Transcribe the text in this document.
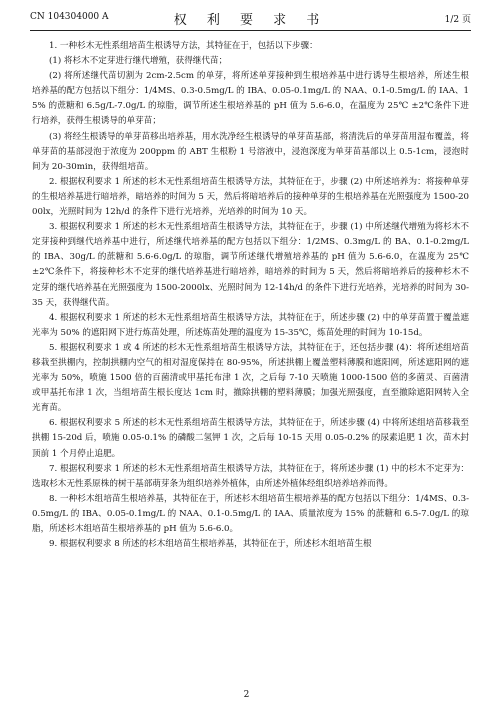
CN 104304000 A	权 利 要 求 书	1/2 页

1. 一种杉木无性系组培苗生根诱导方法，其特征在于，包括以下步骤：

(1) 将杉木不定芽进行继代增殖，获得继代苗；

(2) 将所述继代苗切割为 2cm-2.5cm 的单芽，将所述单芽接种到生根培养基中进行诱导生根培养，所述生根培养基的配方包括以下组分：1/4MS、0.3-0.5mg/L 的 IBA、0.05-0.1mg/L 的 NAA、0.1-0.5mg/L 的 IAA、15% 的蔗糖和 6.5g/L-7.0g/L 的琼脂，调节所述生根培养基的 pH 值为 5.6-6.0，在温度为 25℃ ±2℃条件下进行培养，获得生根诱导的单芽苗；

(3) 将经生根诱导的单芽苗移出培养基，用水洗净经生根诱导的单芽苗基部，将清洗后的单芽苗用湿布覆盖，将单芽苗的基部浸泡于浓度为 200ppm 的 ABT 生根粉 1 号溶液中，浸泡深度为单芽苗基部以上 0.5-1cm，浸泡时间为 20-30min，获得组培苗。

2. 根据权利要求 1 所述的杉木无性系组培苗生根诱导方法，其特征在于，步骤 (2) 中所述培养为：将接种单芽的生根培养基进行暗培养，暗培养的时间为 5 天，然后将暗培养后的接种单芽的生根培养基在光照强度为 1500-2000lx，光照时间为 12h/d 的条件下进行光培养，光培养的时间为 10 天。

3. 根据权利要求 1 所述的杉木无性系组培苗生根诱导方法，其特征在于，步骤 (1) 中所述继代增殖为将杉木不定芽接种到继代培养基中进行，所述继代培养基的配方包括以下组分：1/2MS、0.3mg/L 的 BA、0.1-0.2mg/L 的 IBA、30g/L 的蔗糖和 5.6-6.0g/L 的琼脂，调节所述继代增殖培养基的 pH 值为 5.6-6.0，在温度为 25℃ ±2℃条件下，将接种杉木不定芽的继代培养基进行暗培养，暗培养的时间为 5 天，然后将暗培养后的接种杉木不定芽的继代培养基在光照强度为 1500-2000lx、光照时间为 12-14h/d 的条件下进行光培养，光培养的时间为 30-35 天，获得继代苗。

4. 根据权利要求 1 所述的杉木无性系组培苗生根诱导方法，其特征在于，所述步骤 (2) 中的单芽苗置于覆盖遮光率为 50% 的遮阳网下进行炼苗处理，所述炼苗处理的温度为 15-35℃，炼苗处理的时间为 10-15d。

5. 根据权利要求 1 或 4 所述的杉木无性系组培苗生根诱导方法，其特征在于，还包括步骤 (4)：将所述组培苗移栽至拱棚内，控制拱棚内空气的相对湿度保持在 80-95%，所述拱棚上覆盖塑料薄膜和遮阳网，所述遮阳网的遮光率为 50%，喷施 1500 倍的百菌清或甲基托布津 1 次，之后每 7-10 天喷施 1000-1500 倍的多菌灵、百菌清或甲基托布津 1 次，当组培苗生根长度达 1cm 时，撤除拱棚的塑料薄膜；加强光照强度，直至撤除遮阳网转入全光育苗。

6. 根据权利要求 5 所述的杉木无性系组培苗生根诱导方法，其特征在于，所述步骤 (4) 中将所述组培苗移栽至拱棚 15-20d 后，喷施 0.05-0.1% 的磷酸二氢钾 1 次，之后每 10-15 天用 0.05-0.2% 的尿素追肥 1 次，苗木封顶前 1 个月停止追肥。

7. 根据权利要求 1 所述的杉木无性系组培苗生根诱导方法，其特征在于，将所述步骤 (1) 中的杉木不定芽为：选取杉木无性系原株的树干基部萌芽条为组织培养外植体，由所述外植体经组织培养培养而得。

8. 一种杉木组培苗生根培养基，其特征在于，所述杉木组培苗生根培养基的配方包括以下组分：1/4MS、0.3-0.5mg/L 的 IBA、0.05-0.1mg/L 的 NAA、0.1-0.5mg/L 的 IAA、质量浓度为 15% 的蔗糖和 6.5-7.0g/L 的琼脂，所述杉木组培苗生根培养基的 pH 值为 5.6-6.0。

9. 根据权利要求 8 所述的杉木组培苗生根培养基，其特征在于，所述杉木组培苗生根

2
